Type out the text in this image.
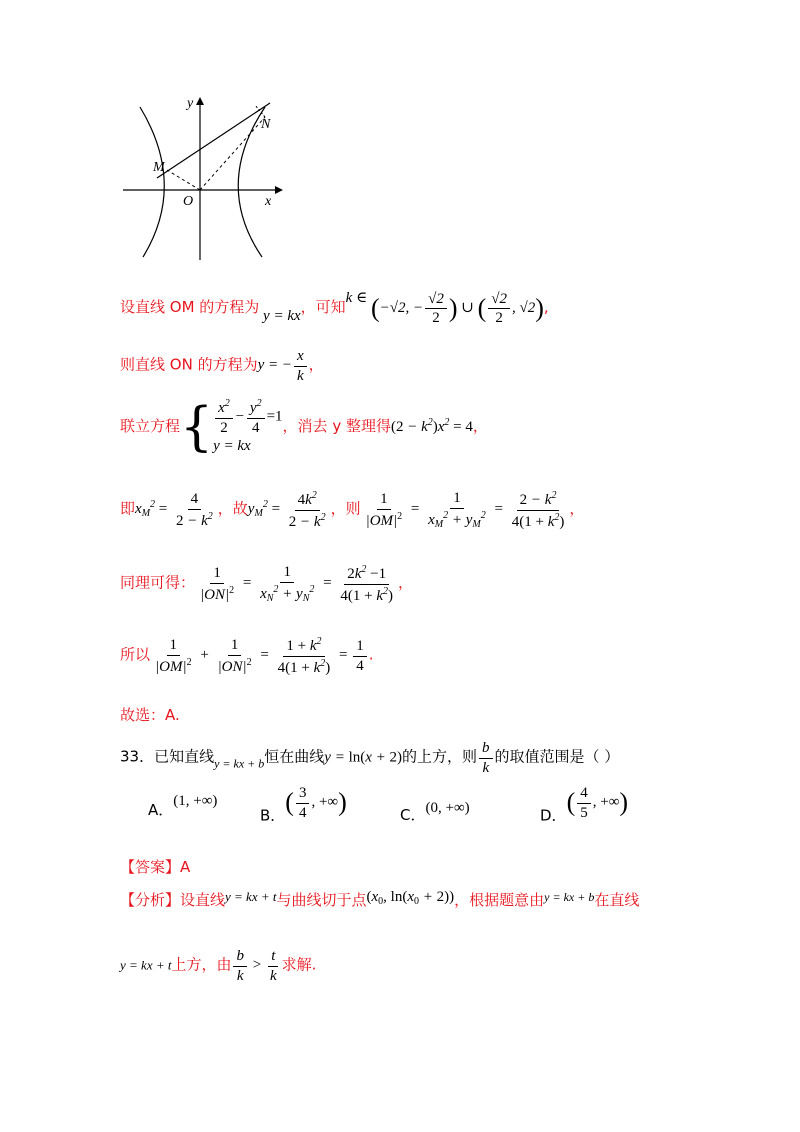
y
x
O
M
N
设直线 OM 的方程为 y = kx，可知k ∈ (−√2, − $\frac{√2}{2}$ ) ∪ ( $\frac{√2}{2}$ , √2),
则直线 ON 的方程为y = − $\frac{x}{k}$ ，
联立方程{ $\frac{x^2}{2} - \frac{y^2}{4} =1$
y = kx
，消去 y 整理得$(2 - k^2)x^2 = 4$，
即$x_M^2 = \frac{4}{2 - k^2}$ ，故$y_M^2 = \frac{4k^2}{2 - k^2}$ ，则 $\frac{1}{|OM|^2} = \frac{1}{x_M^2 + y_M^2} = \frac{2 - k^2}{4(1 + k^2)}$ ，
同理可得： $\frac{1}{|ON|^2} = \frac{1}{x_N^2 + y_N^2} = \frac{2k^2 -1}{4(1 + k^2)}$ ，
所以 $\frac{1}{|OM|^2} + \frac{1}{|ON|^2} = \frac{1 + k^2}{4(1 + k^2)} = \frac{1}{4}$ .
故选：A.
33．已知直线$_{y = kx + b}$恒在曲线y = ln(x + 2)的上方，则 $\frac{b}{k}$ 的取值范围是（ ）
A．(1, +∞)
B．( $\frac{3}{4}$ , +∞)	C．(0, +∞)	D．( $\frac{4}{5}$ , +∞)
【答案】A
【分析】设直线y = kx + t与曲线切于点($x_0$, $\ln(x_0 + 2)$)，根据题意由y = kx + b在直线
y = kx + t上方，由 $\frac{b}{k} > \frac{t}{k}$ 求解.
